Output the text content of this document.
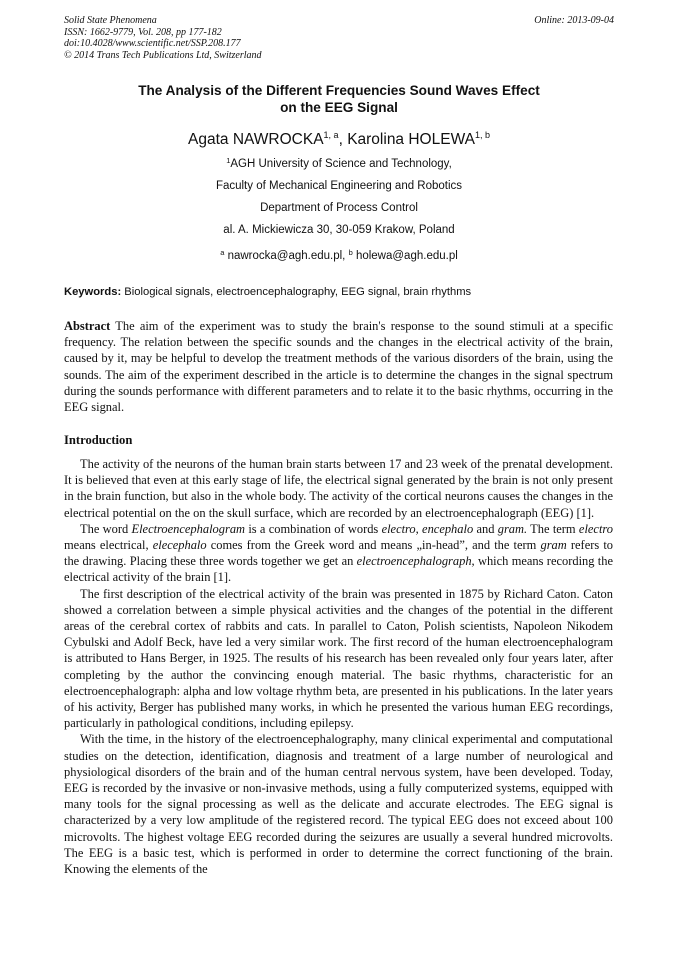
Solid State Phenomena
ISSN: 1662-9779, Vol. 208, pp 177-182
doi:10.4028/www.scientific.net/SSP.208.177
© 2014 Trans Tech Publications Ltd, Switzerland
Online: 2013-09-04
The Analysis of the Different Frequencies Sound Waves Effect
on the EEG Signal
Agata NAWROCKA$^{1, a}$, Karolina HOLEWA$^{1, b}$
$^1$AGH University of Science and Technology,
Faculty of Mechanical Engineering and Robotics
Department of Process Control
al. A. Mickiewicza 30, 30-059 Krakow, Poland
$^a$ nawrocka@agh.edu.pl, $^b$ holewa@agh.edu.pl
Keywords: Biological signals, electroencephalography, EEG signal, brain rhythms
Abstract The aim of the experiment was to study the brain's response to the sound stimuli at a specific frequency. The relation between the specific sounds and the changes in the electrical activity of the brain, caused by it, may be helpful to develop the treatment methods of the various disorders of the brain, using the sounds. The aim of the experiment described in the article is to determine the changes in the signal spectrum during the sounds performance with different parameters and to relate it to the basic rhythms, occurring in the EEG signal.
Introduction

The activity of the neurons of the human brain starts between 17 and 23 week of the prenatal development. It is believed that even at this early stage of life, the electrical signal generated by the brain is not only present in the brain function, but also in the whole body. The activity of the cortical neurons causes the changes in the electrical potential on the on the skull surface, which are recorded by an electroencephalograph (EEG) [1].

The word Electroencephalogram is a combination of words electro, encephalo and gram. The term electro means electrical, elecephalo comes from the Greek word and means „in-head”, and the term gram refers to the drawing. Placing these three words together we get an electroencephalograph, which means recording the electrical activity of the brain [1].

The first description of the electrical activity of the brain was presented in 1875 by Richard Caton. Caton showed a correlation between a simple physical activities and the changes of the potential in the different areas of the cerebral cortex of rabbits and cats. In parallel to Caton, Polish scientists, Napoleon Nikodem Cybulski and Adolf Beck, have led a very similar work. The first record of the human electroencephalogram is attributed to Hans Berger, in 1925. The results of his research has been revealed only four years later, after completing by the author the convincing enough material. The basic rhythms, characteristic for an electroencephalograph: alpha and low voltage rhythm beta, are presented in his publications. In the later years of his activity, Berger has published many works, in which he presented the various human EEG recordings, particularly in pathological conditions, including epilepsy.

With the time, in the history of the electroencephalography, many clinical experimental and computational studies on the detection, identification, diagnosis and treatment of a large number of neurological and physiological disorders of the brain and of the human central nervous system, have been developed. Today, EEG is recorded by the invasive or non-invasive methods, using a fully computerized systems, equipped with many tools for the signal processing as well as the delicate and accurate electrodes. The EEG signal is characterized by a very low amplitude of the registered record. The typical EEG does not exceed about 100 microvolts. The highest voltage EEG recorded during the seizures are usually a several hundred microvolts. The EEG is a basic test, which is performed in order to determine the correct functioning of the brain. Knowing the elements of the
